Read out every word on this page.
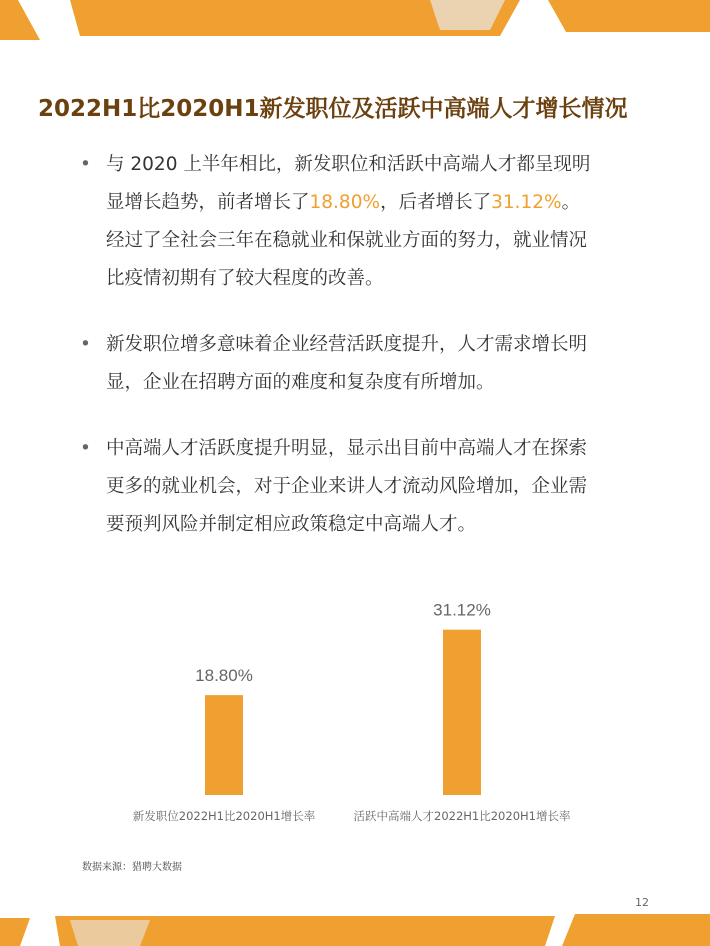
2022H1比2020H1新发职位及活跃中高端人才增长情况
• 与 2020 上半年相比，新发职位和活跃中高端人才都呈现明显增长趋势，前者增长了18.80%，后者增长了31.12%。经过了全社会三年在稳就业和保就业方面的努力，就业情况比疫情初期有了较大程度的改善。
• 新发职位增多意味着企业经营活跃度提升，人才需求增长明显，企业在招聘方面的难度和复杂度有所增加。
• 中高端人才活跃度提升明显，显示出目前中高端人才在探索更多的就业机会，对于企业来讲人才流动风险增加，企业需要预判风险并制定相应政策稳定中高端人才。
18.80%
新发职位2022H1比2020H1增长率
31.12%
活跃中高端人才2022H1比2020H1增长率
数据来源：猎聘大数据
12
